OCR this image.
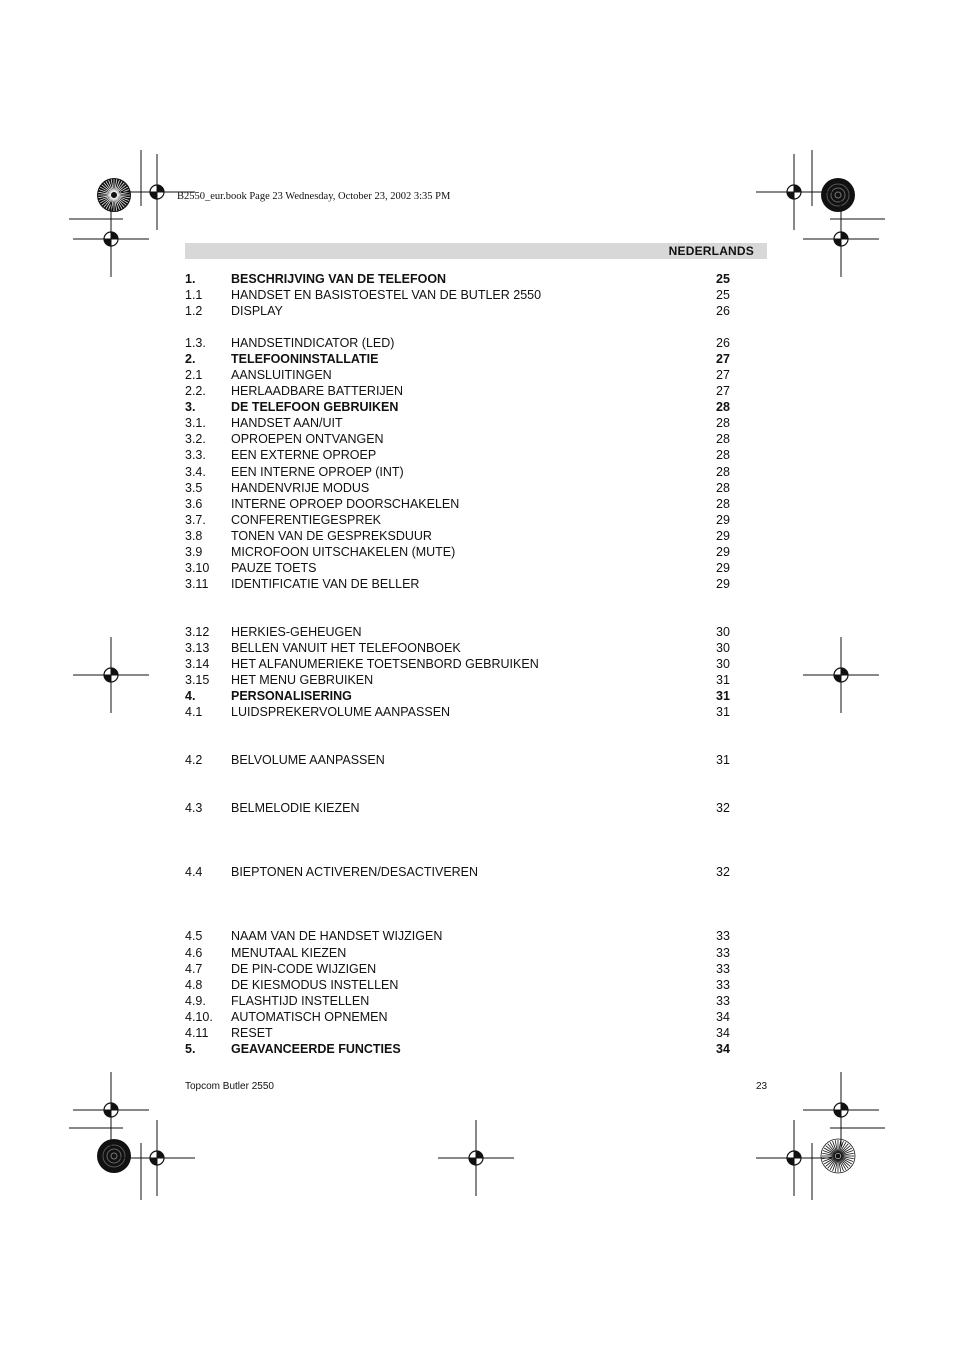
B2550_eur.book Page 23 Wednesday, October 23, 2002 3:35 PM
NEDERLANDS
1.	BESCHRIJVING VAN DE TELEFOON	25
1.1 HANDSET EN BASISTOESTEL VAN DE BUTLER 2550	25
1.2 DISPLAY	26
1.3. HANDSETINDICATOR (LED)	26
2.	TELEFOONINSTALLATIE	27
2.1 AANSLUITINGEN	27
2.2. HERLAADBARE BATTERIJEN	27
3.	DE TELEFOON GEBRUIKEN	28
3.1. HANDSET AAN/UIT	28
3.2. OPROEPEN ONTVANGEN	28
3.3. EEN EXTERNE OPROEP	28
3.4. EEN INTERNE OPROEP (INT)	28
3.5 HANDENVRIJE MODUS	28
3.6 INTERNE OPROEP DOORSCHAKELEN	28
3.7. CONFERENTIEGESPREK	29
3.8 TONEN VAN DE GESPREKSDUUR	29
3.9 MICROFOON UITSCHAKELEN (MUTE)	29
3.10 PAUZE TOETS	29
3.11 IDENTIFICATIE VAN DE BELLER	29
3.12 HERKIES-GEHEUGEN	30
3.13 BELLEN VANUIT HET TELEFOONBOEK	30
3.14 HET ALFANUMERIEKE TOETSENBORD GEBRUIKEN	30
3.15 HET MENU GEBRUIKEN	31
4.	PERSONALISERING	31
4.1 LUIDSPREKERVOLUME AANPASSEN	31
4.2 BELVOLUME AANPASSEN	31
4.3 BELMELODIE KIEZEN	32
4.4 BIEPTONEN ACTIVEREN/DESACTIVEREN	32
4.5 NAAM VAN DE HANDSET WIJZIGEN	33
4.6 MENUTAAL KIEZEN	33
4.7 DE PIN-CODE WIJZIGEN	33
4.8 DE KIESMODUS INSTELLEN	33
4.9. FLASHTIJD INSTELLEN	33
4.10. AUTOMATISCH OPNEMEN	34
4.11 RESET	34
5.	GEAVANCEERDE FUNCTIES	34
Topcom Butler 2550	23
